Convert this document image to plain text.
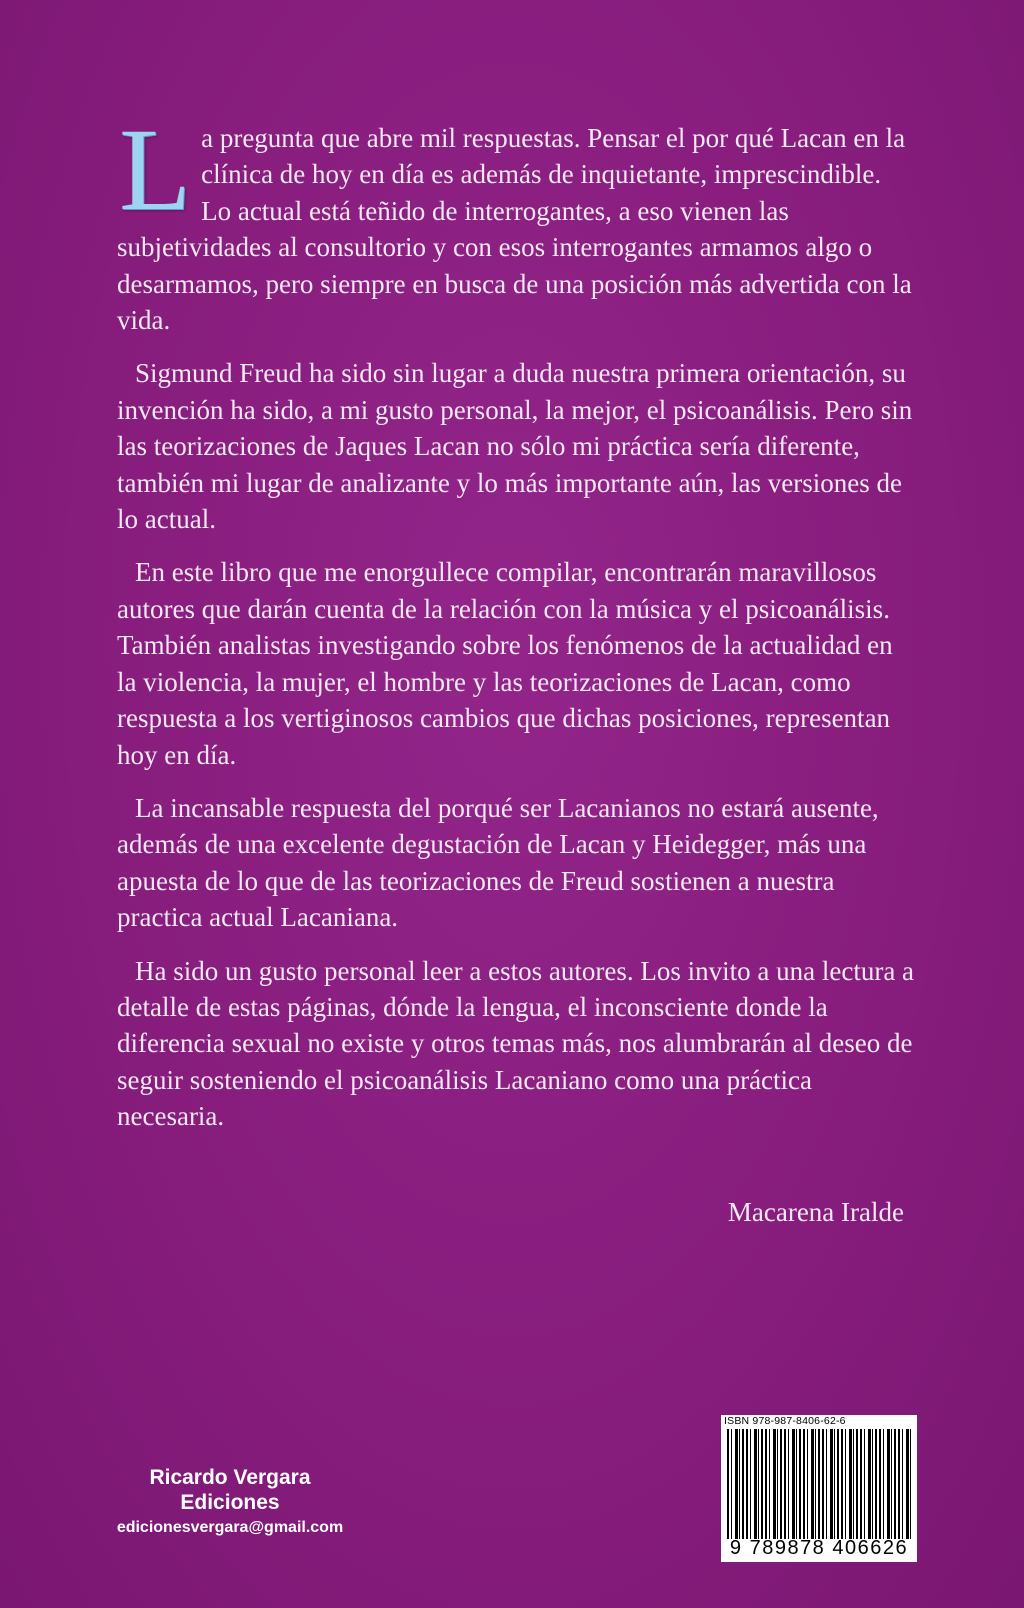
La pregunta que abre mil respuestas. Pensar el por qué Lacan en la clínica de hoy en día es además de inquietante, imprescindible. Lo actual está teñido de interrogantes, a eso vienen las subjetividades al consultorio y con esos interrogantes armamos algo o desarmamos, pero siempre en busca de una posición más advertida con la vida.

Sigmund Freud ha sido sin lugar a duda nuestra primera orientación, su invención ha sido, a mi gusto personal, la mejor, el psicoanálisis. Pero sin las teorizaciones de Jaques Lacan no sólo mi práctica sería diferente, también mi lugar de analizante y lo más importante aún, las versiones de lo actual.

En este libro que me enorgullece compilar, encontrarán maravillosos autores que darán cuenta de la relación con la música y el psicoanálisis. También analistas investigando sobre los fenómenos de la actualidad en la violencia, la mujer, el hombre y las teorizaciones de Lacan, como respuesta a los vertiginosos cambios que dichas posiciones, representan hoy en día.

La incansable respuesta del porqué ser Lacanianos no estará ausente, además de una excelente degustación de Lacan y Heidegger, más una apuesta de lo que de las teorizaciones de Freud sostienen a nuestra practica actual Lacaniana.

Ha sido un gusto personal leer a estos autores. Los invito a una lectura a detalle de estas páginas, dónde la lengua, el inconsciente donde la diferencia sexual no existe y otros temas más, nos alumbrarán al deseo de seguir sosteniendo el psicoanálisis Lacaniano como una práctica necesaria.

Macarena Iralde
Ricardo Vergara
Ediciones
edicionesvergara@gmail.com
ISBN 978-987-8406-62-6
9 789878 406626
